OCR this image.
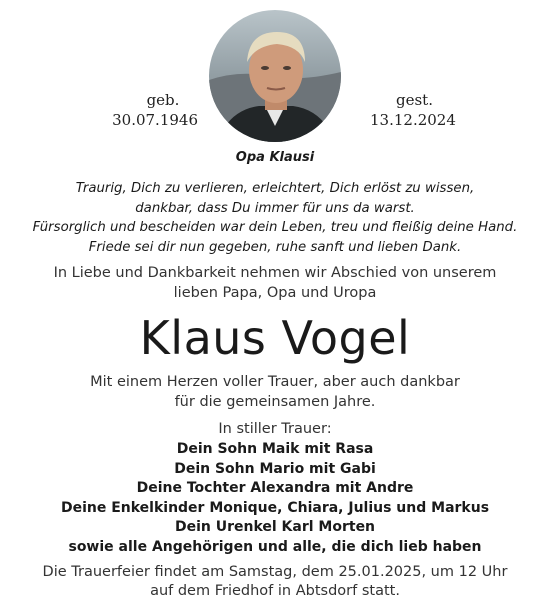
geb.
30.07.1946
gest.
13.12.2024
Opa Klausi
Traurig, Dich zu verlieren, erleichtert, Dich erlöst zu wissen,
dankbar, dass Du immer für uns da warst.
Fürsorglich und bescheiden war dein Leben, treu und fleißig deine Hand.
Friede sei dir nun gegeben, ruhe sanft und lieben Dank.
In Liebe und Dankbarkeit nehmen wir Abschied von unserem
lieben Papa, Opa und Uropa
Klaus Vogel
Mit einem Herzen voller Trauer, aber auch dankbar
für die gemeinsamen Jahre.
In stiller Trauer:
Dein Sohn Maik mit Rasa
Dein Sohn Mario mit Gabi
Deine Tochter Alexandra mit Andre
Deine Enkelkinder Monique, Chiara, Julius und Markus
Dein Urenkel Karl Morten
sowie alle Angehörigen und alle, die dich lieb haben
Die Trauerfeier findet am Samstag, dem 25.01.2025, um 12 Uhr
auf dem Friedhof in Abtsdorf statt.
